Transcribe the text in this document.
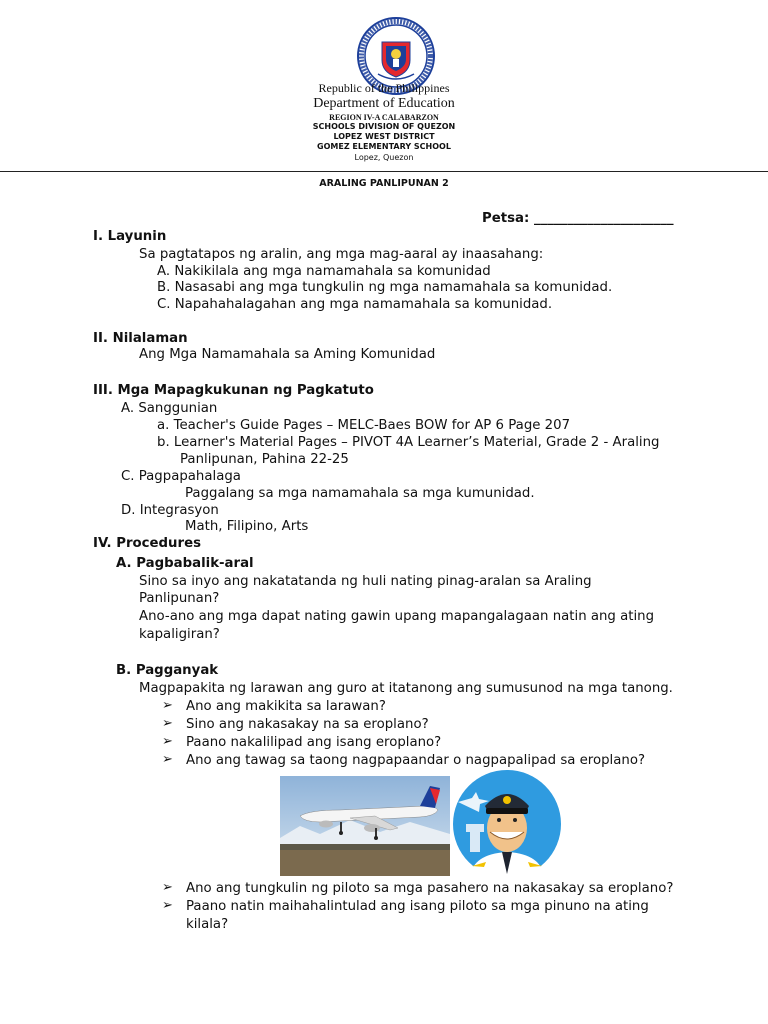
Republic of the Philippines
Department of Education
REGION IV-A CALABARZON
SCHOOLS DIVISION OF QUEZON
LOPEZ WEST DISTRICT
GOMEZ ELEMENTARY SCHOOL
Lopez, Quezon
ARALING PANLIPUNAN 2
Petsa: _____________________
I. Layunin
Sa pagtatapos ng aralin, ang mga mag-aaral ay inaasahang:
A. Nakikilala ang mga namamahala sa komunidad
B. Nasasabi ang mga tungkulin ng mga namamahala sa komunidad.
C. Napahahalagahan ang mga namamahala sa komunidad.
II. Nilalaman
Ang Mga Namamahala sa Aming Komunidad
III. Mga Mapagkukunan ng Pagkatuto
A. Sanggunian
a. Teacher's Guide Pages – MELC-Baes BOW for AP 6 Page 207
b. Learner's Material Pages – PIVOT 4A Learner’s Material, Grade 2 - Araling
Panlipunan, Pahina 22-25
C. Pagpapahalaga
Paggalang sa mga namamahala sa mga kumunidad.
D. Integrasyon
Math, Filipino, Arts
IV. Procedures
A. Pagbabalik-aral
Sino sa inyo ang nakatatanda ng huli nating pinag-aralan sa Araling
Panlipunan?
Ano-ano ang mga dapat nating gawin upang mapangalagaan natin ang ating
kapaligiran?
B. Pagganyak
Magpapakita ng larawan ang guro at itatanong ang sumusunod na mga tanong.
➢ Ano ang makikita sa larawan?
➢ Sino ang nakasakay na sa eroplano?
➢ Paano nakalilipad ang isang eroplano?
➢ Ano ang tawag sa taong nagpapaandar o nagpapalipad sa eroplano?
➢ Ano ang tungkulin ng piloto sa mga pasahero na nakasakay sa eroplano?
➢ Paano natin maihahalintulad ang isang piloto sa mga pinuno na ating
kilala?
